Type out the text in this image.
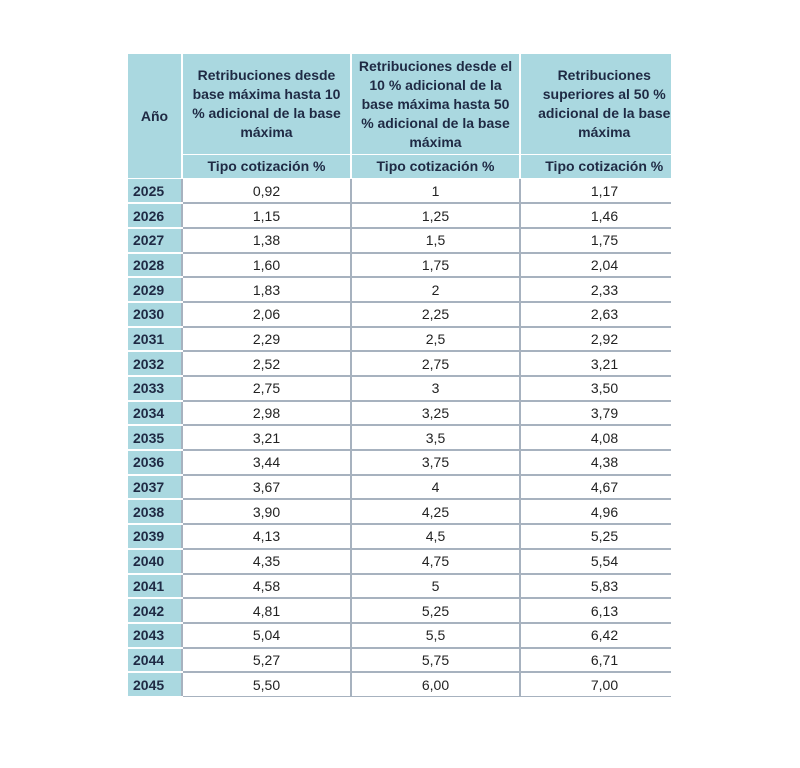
Año	Retribuciones desde base máxima hasta 10 % adicional de la base máxima	Retribuciones desde el 10 % adicional de la base máxima hasta 50 % adicional de la base máxima	Retribuciones superiores al 50 % adicional de la base máxima
	Tipo cotización %	Tipo cotización %	Tipo cotización %
2025	0,92	1	1,17
2026	1,15	1,25	1,46
2027	1,38	1,5	1,75
2028	1,60	1,75	2,04
2029	1,83	2	2,33
2030	2,06	2,25	2,63
2031	2,29	2,5	2,92
2032	2,52	2,75	3,21
2033	2,75	3	3,50
2034	2,98	3,25	3,79
2035	3,21	3,5	4,08
2036	3,44	3,75	4,38
2037	3,67	4	4,67
2038	3,90	4,25	4,96
2039	4,13	4,5	5,25
2040	4,35	4,75	5,54
2041	4,58	5	5,83
2042	4,81	5,25	6,13
2043	5,04	5,5	6,42
2044	5,27	5,75	6,71
2045	5,50	6,00	7,00
